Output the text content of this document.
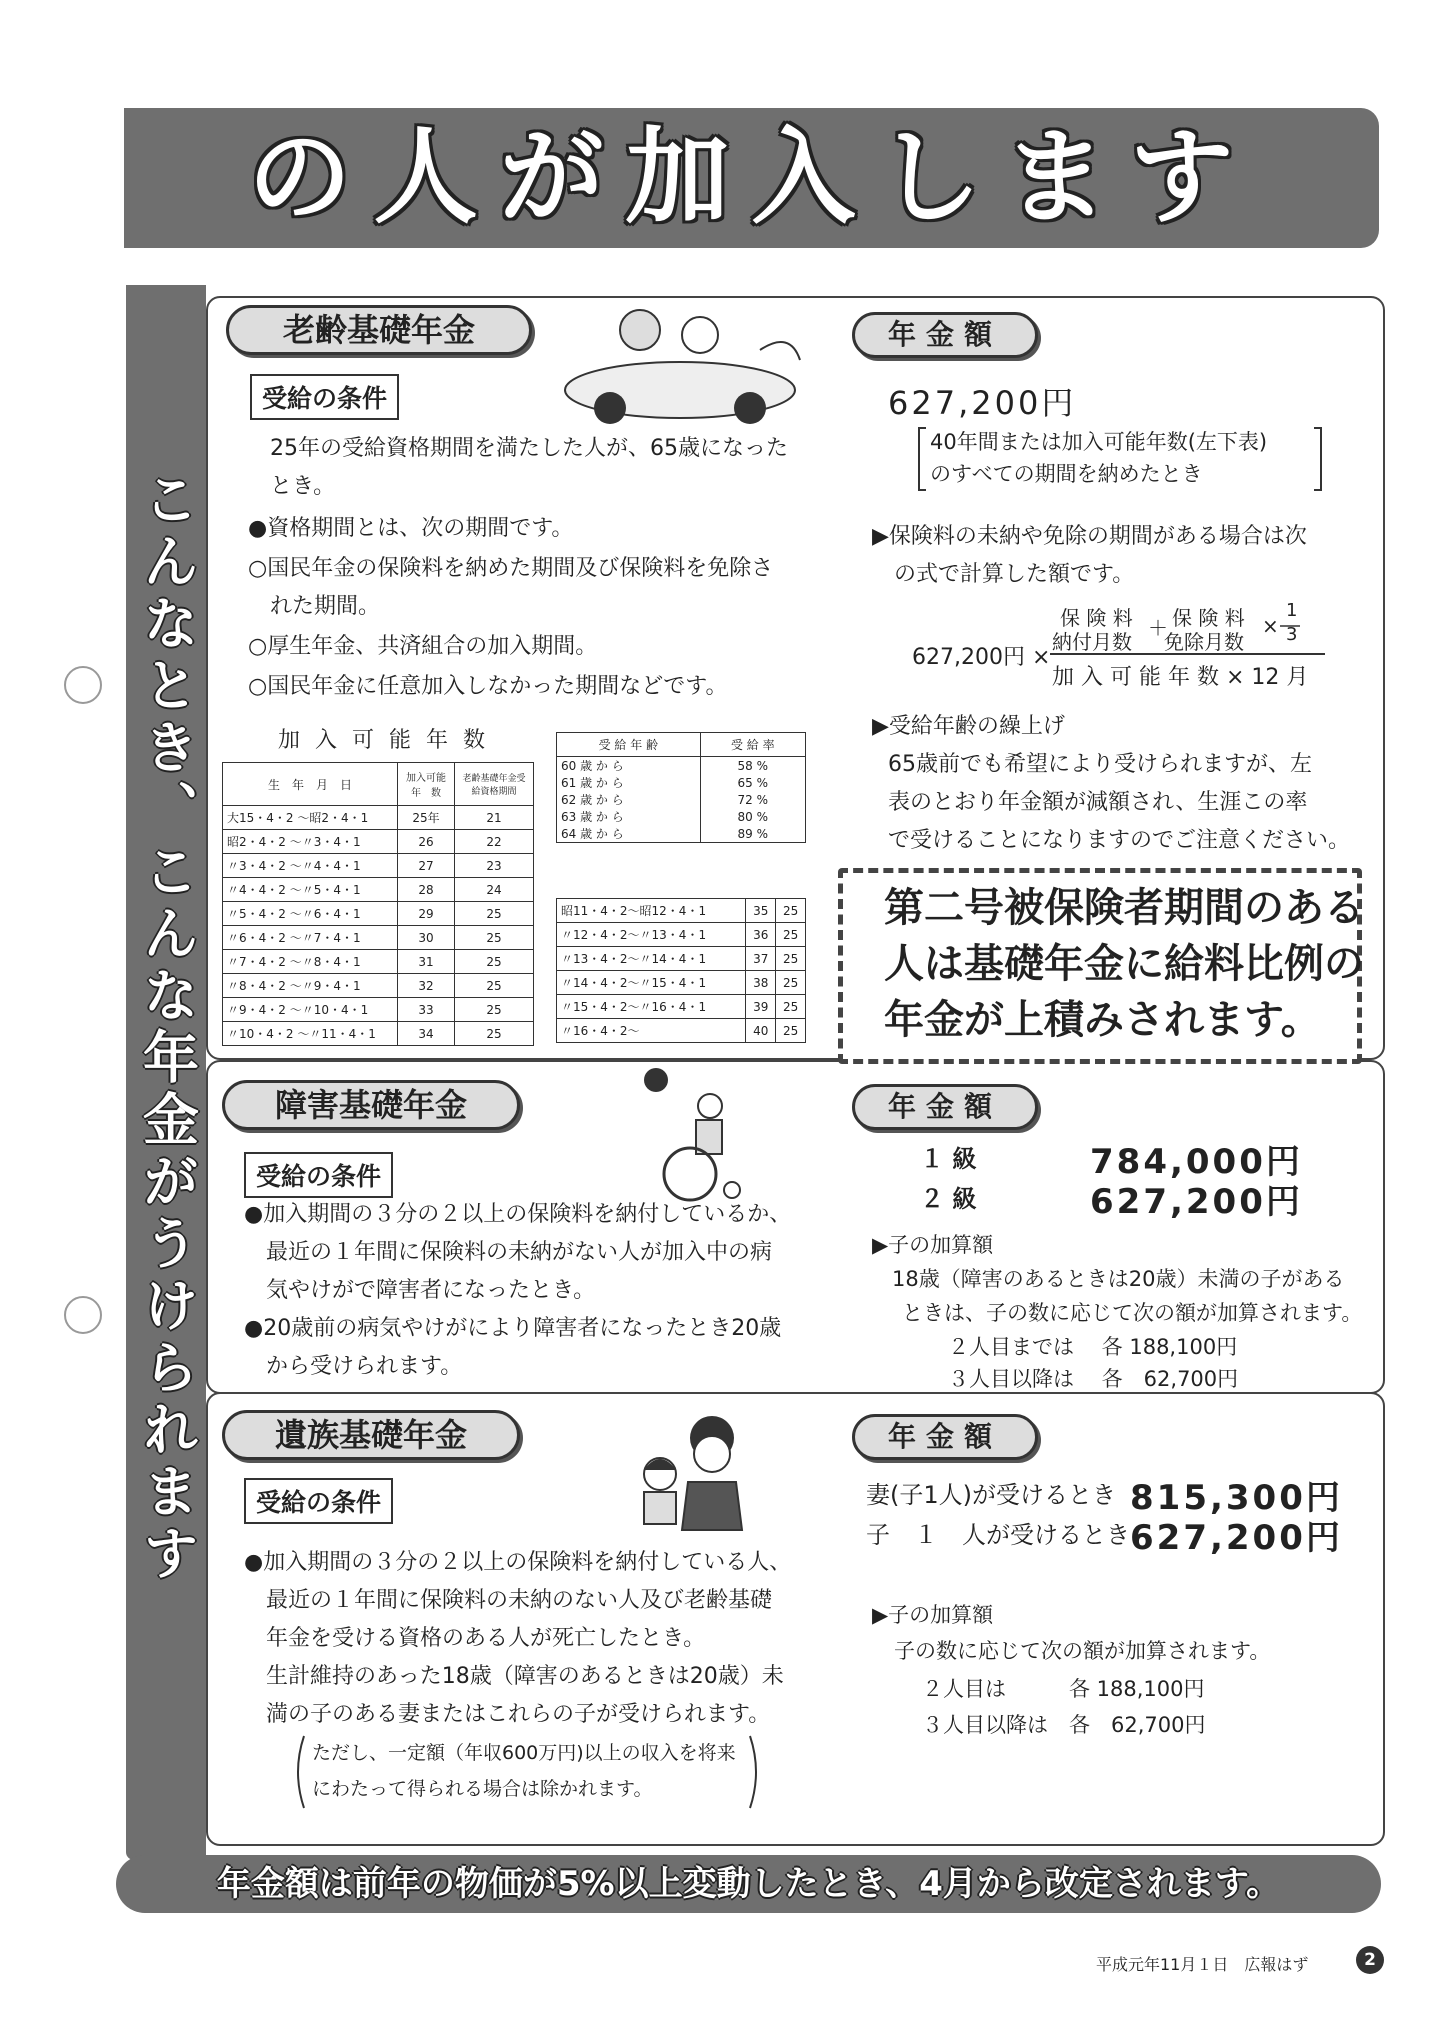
の人が加入します
こんなとき、こんな年金がうけられます
老齢基礎年金
受給の条件
25年の受給資格期間を満たした人が、65歳になった
とき。
●資格期間とは、次の期間です。
○国民年金の保険料を納めた期間及び保険料を免除さ
　れた期間。
○厚生年金、共済組合の加入期間。
○国民年金に任意加入しなかった期間などです。
加 入 可 能 年 数
生　年　月　日	加入可能年　数	老齢基礎年金受給資格期間
大15・4・2 ～昭2・4・1	25年	21
昭2・4・2 ～〃3・4・1	26	22
〃3・4・2 ～〃4・4・1	27	23
〃4・4・2 ～〃5・4・1	28	24
〃5・4・2 ～〃6・4・1	29	25
〃6・4・2 ～〃7・4・1	30	25
〃7・4・2 ～〃8・4・1	31	25
〃8・4・2 ～〃9・4・1	32	25
〃9・4・2 ～〃10・4・1	33	25
〃10・4・2 ～〃11・4・1	34	25
受 給 年 齢	受 給 率
60 歳 か ら	58 %
61 歳 か ら	65 %
62 歳 か ら	72 %
63 歳 か ら	80 %
64 歳 か ら	89 %
昭11・4・2～昭12・4・1	35	25
〃12・4・2～〃13・4・1	36	25
〃13・4・2～〃14・4・1	37	25
〃14・4・2～〃15・4・1	38	25
〃15・4・2～〃16・4・1	39	25
〃16・4・2～	40	25
年金額
627,200円
40年間または加入可能年数(左下表)
のすべての期間を納めたとき
▶保険料の未納や免除の期間がある場合は次
　の式で計算した額です。
627,200円 ×
保 険 料
納付月数
＋ 保 険 料
免除月数
×
1
3
加 入 可 能 年 数 × 12 月
▶受給年齢の繰上げ
65歳前でも希望により受けられますが、左
表のとおり年金額が減額され、生涯この率
で受けることになりますのでご注意ください。
第二号被保険者期間のある
人は基礎年金に給料比例の
年金が上積みされます。
障害基礎年金
受給の条件
●加入期間の３分の２以上の保険料を納付しているか、
　最近の１年間に保険料の未納がない人が加入中の病
　気やけがで障害者になったとき。
●20歳前の病気やけがにより障害者になったとき20歳
　から受けられます。
年金額
１ 級	784,000円
２ 級	627,200円
▶子の加算額
18歳（障害のあるときは20歳）未満の子がある
ときは、子の数に応じて次の額が加算されます。
２人目までは　 各 188,100円
３人目以降は　 各　62,700円
遺族基礎年金
受給の条件
●加入期間の３分の２以上の保険料を納付している人、
　最近の１年間に保険料の未納のない人及び老齢基礎
　年金を受ける資格のある人が死亡したとき。
　生計維持のあった18歳（障害のあるときは20歳）未
　満の子のある妻またはこれらの子が受けられます。
ただし、一定額（年収600万円)以上の収入を将来
にわたって得られる場合は除かれます。
年金額
妻(子1人)が受けるとき 815,300円
子　１　人が受けるとき 627,200円
▶子の加算額
子の数に応じて次の額が加算されます。
２人目は　　　各 188,100円
３人目以降は　各　62,700円
年金額は前年の物価が5%以上変動したとき、4月から改定されます。
平成元年11月１日　広報はず	2
